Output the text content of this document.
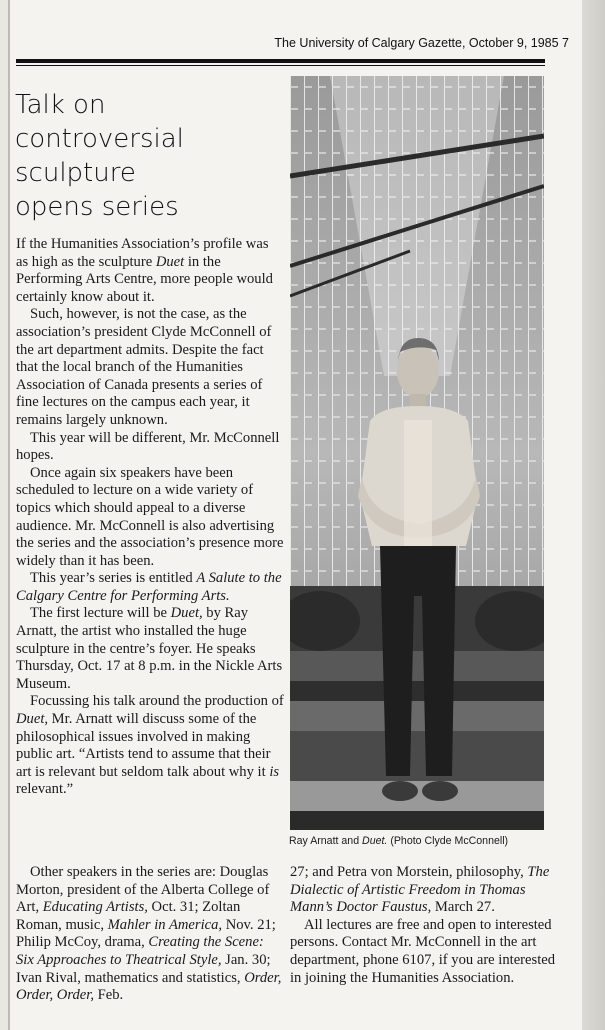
The University of Calgary Gazette, October 9, 1985 7
Talk on
controversial
sculpture
opens series

If the Humanities Association’s profile was as high as the sculpture Duet in the Performing Arts Centre, more people would certainly know about it.

Such, however, is not the case, as the association’s president Clyde McConnell of the art department admits. Despite the fact that the local branch of the Humanities Association of Canada presents a series of fine lectures on the campus each year, it remains largely unknown.

This year will be different, Mr. McConnell hopes.

Once again six speakers have been scheduled to lecture on a wide variety of topics which should appeal to a diverse audience. Mr. McConnell is also advertising the series and the association’s presence more widely than it has been.

This year’s series is entitled A Salute to the Calgary Centre for Performing Arts.

The first lecture will be Duet, by Ray Arnatt, the artist who installed the huge sculpture in the centre’s foyer. He speaks Thursday, Oct. 17 at 8 p.m. in the Nickle Arts Museum.

Focussing his talk around the production of Duet, Mr. Arnatt will discuss some of the philosophical issues involved in making public art. “Artists tend to assume that their art is relevant but seldom talk about why it is relevant.”

Other speakers in the series are: Douglas Morton, president of the Alberta College of Art, Educating Artists, Oct. 31; Zoltan Roman, music, Mahler in America, Nov. 21; Philip McCoy, drama, Creating the Scene: Six Approaches to Theatrical Style, Jan. 30; Ivan Rival, mathematics and statistics, Order, Order, Order, Feb.

27; and Petra von Morstein, philosophy, The Dialectic of Artistic Freedom in Thomas Mann’s Doctor Faustus, March 27.

All lectures are free and open to interested persons. Contact Mr. McConnell in the art department, phone 6107, if you are interested in joining the Humanities Association.

Ray Arnatt and Duet. (Photo Clyde McConnell)
